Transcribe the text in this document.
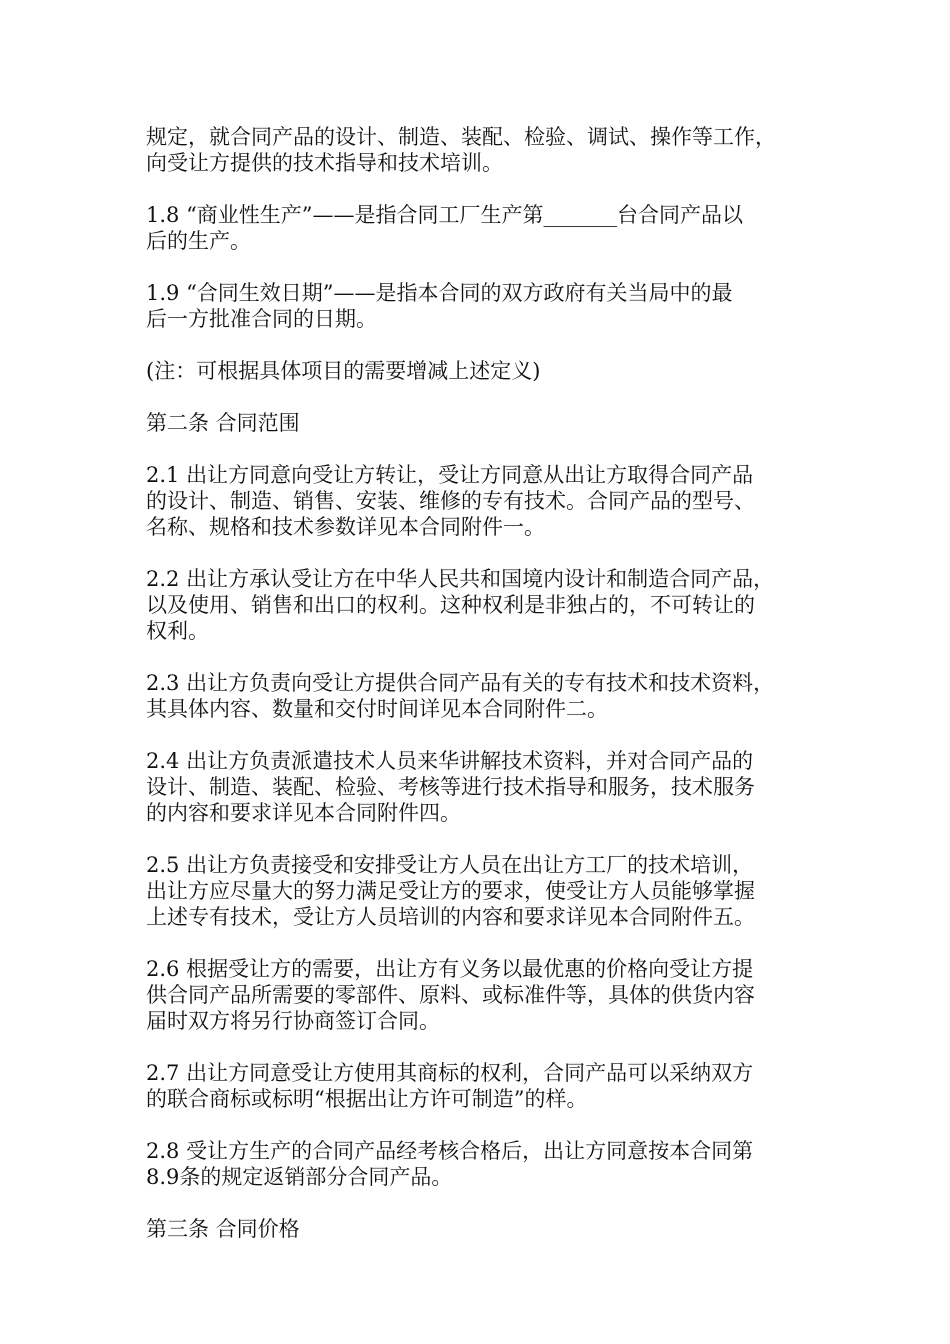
规定，就合同产品的设计、制造、装配、检验、调试、操作等工作，
向受让方提供的技术指导和技术培训。

1.8 “商业性生产”——是指合同工厂生产第_______台合同产品以
后的生产。

1.9 “合同生效日期”——是指本合同的双方政府有关当局中的最
后一方批准合同的日期。

(注：可根据具体项目的需要增减上述定义)

第二条 合同范围

2.1 出让方同意向受让方转让，受让方同意从出让方取得合同产品
的设计、制造、销售、安装、维修的专有技术。合同产品的型号、
名称、规格和技术参数详见本合同附件一。

2.2 出让方承认受让方在中华人民共和国境内设计和制造合同产品，
以及使用、销售和出口的权利。这种权利是非独占的，不可转让的
权利。

2.3 出让方负责向受让方提供合同产品有关的专有技术和技术资料，
其具体内容、数量和交付时间详见本合同附件二。

2.4 出让方负责派遣技术人员来华讲解技术资料，并对合同产品的
设计、制造、装配、检验、考核等进行技术指导和服务，技术服务
的内容和要求详见本合同附件四。

2.5 出让方负责接受和安排受让方人员在出让方工厂的技术培训，
出让方应尽量大的努力满足受让方的要求，使受让方人员能够掌握
上述专有技术，受让方人员培训的内容和要求详见本合同附件五。

2.6 根据受让方的需要，出让方有义务以最优惠的价格向受让方提
供合同产品所需要的零部件、原料、或标准件等，具体的供货内容
届时双方将另行协商签订合同。

2.7 出让方同意受让方使用其商标的权利，合同产品可以采纳双方
的联合商标或标明“根据出让方许可制造”的样。

2.8 受让方生产的合同产品经考核合格后，出让方同意按本合同第
8.9条的规定返销部分合同产品。

第三条 合同价格
